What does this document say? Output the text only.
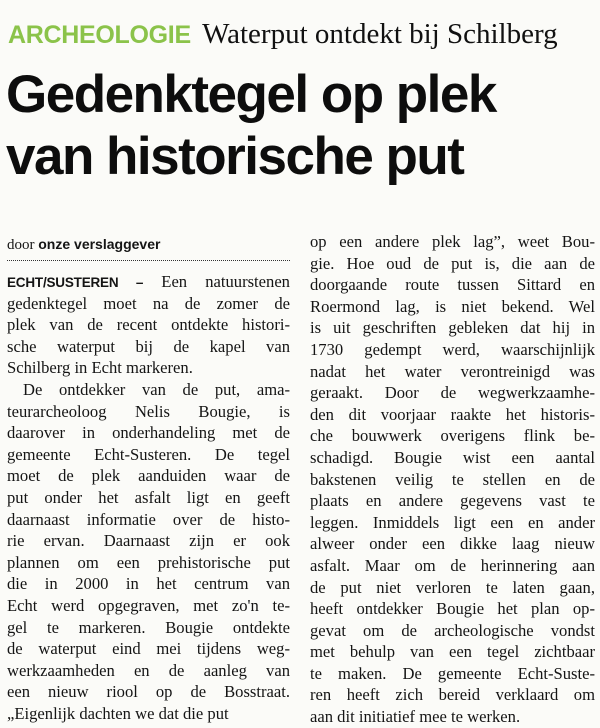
ARCHEOLOGIE Waterput ontdekt bij Schilberg
Gedenktegel op plek
van historische put
door onze verslaggever
ECHT/SUSTEREN – Een natuurstenen
gedenktegel moet na de zomer de
plek van de recent ontdekte histori-
sche waterput bij de kapel van
Schilberg in Echt markeren.
De ontdekker van de put, ama-
teurarcheoloog Nelis Bougie, is
daarover in onderhandeling met de
gemeente Echt-Susteren. De tegel
moet de plek aanduiden waar de
put onder het asfalt ligt en geeft
daarnaast informatie over de histo-
rie ervan. Daarnaast zijn er ook
plannen om een prehistorische put
die in 2000 in het centrum van
Echt werd opgegraven, met zo'n te-
gel te markeren. Bougie ontdekte
de waterput eind mei tijdens weg-
werkzaamheden en de aanleg van
een nieuw riool op de Bosstraat.
„Eigenlijk dachten we dat die put
op een andere plek lag”, weet Bou-
gie. Hoe oud de put is, die aan de
doorgaande route tussen Sittard en
Roermond lag, is niet bekend. Wel
is uit geschriften gebleken dat hij in
1730 gedempt werd, waarschijnlijk
nadat het water verontreinigd was
geraakt. Door de wegwerkzaamhe-
den dit voorjaar raakte het historis-
che bouwwerk overigens flink be-
schadigd. Bougie wist een aantal
bakstenen veilig te stellen en de
plaats en andere gegevens vast te
leggen. Inmiddels ligt een en ander
alweer onder een dikke laag nieuw
asfalt. Maar om de herinnering aan
de put niet verloren te laten gaan,
heeft ontdekker Bougie het plan op-
gevat om de archeologische vondst
met behulp van een tegel zichtbaar
te maken. De gemeente Echt-Suste-
ren heeft zich bereid verklaard om
aan dit initiatief mee te werken.
